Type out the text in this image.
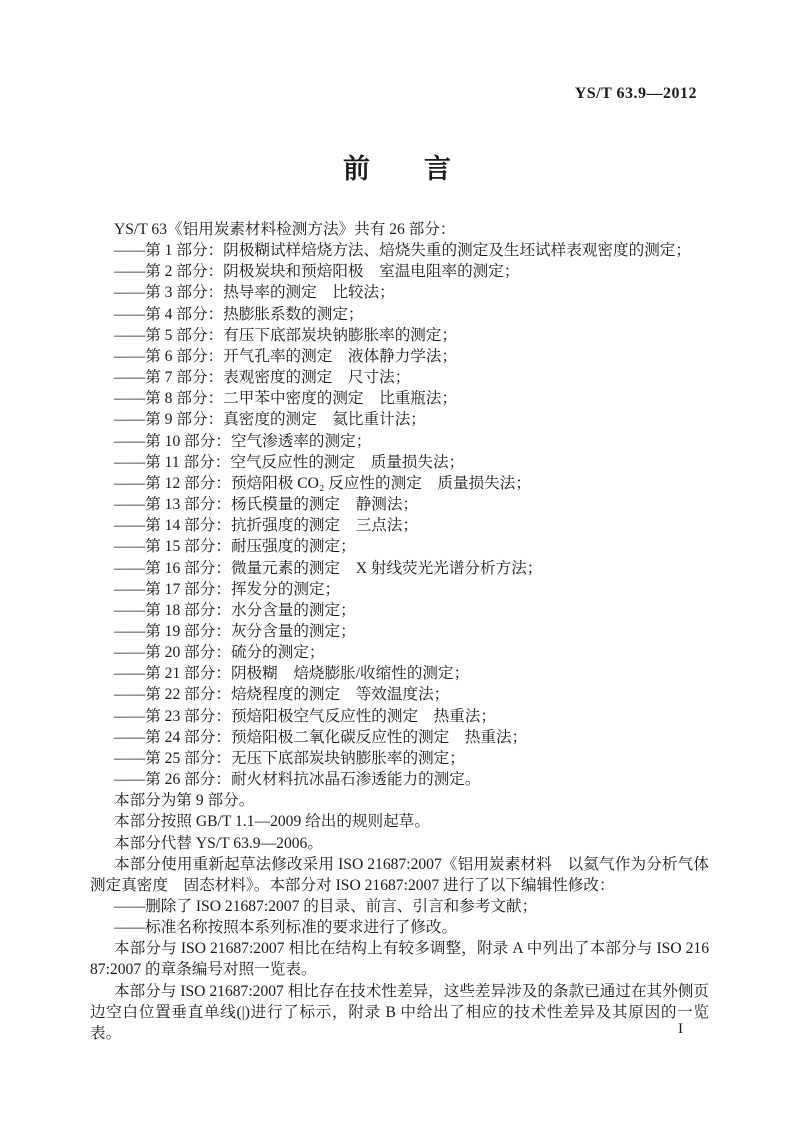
YS/T 63.9—2012
前　　言

YS/T 63《铝用炭素材料检测方法》共有 26 部分：

——第 1 部分：阴极糊试样焙烧方法、焙烧失重的测定及生坯试样表观密度的测定；

——第 2 部分：阴极炭块和预焙阳极　室温电阻率的测定；

——第 3 部分：热导率的测定　比较法；

——第 4 部分：热膨胀系数的测定；

——第 5 部分：有压下底部炭块钠膨胀率的测定；

——第 6 部分：开气孔率的测定　液体静力学法；

——第 7 部分：表观密度的测定　尺寸法；

——第 8 部分：二甲苯中密度的测定　比重瓶法；

——第 9 部分：真密度的测定　氦比重计法；

——第 10 部分：空气渗透率的测定；

——第 11 部分：空气反应性的测定　质量损失法；

——第 12 部分：预焙阳极 CO₂ 反应性的测定　质量损失法；

——第 13 部分：杨氏模量的测定　静测法；

——第 14 部分：抗折强度的测定　三点法；

——第 15 部分：耐压强度的测定；

——第 16 部分：微量元素的测定　X 射线荧光光谱分析方法；

——第 17 部分：挥发分的测定；

——第 18 部分：水分含量的测定；

——第 19 部分：灰分含量的测定；

——第 20 部分：硫分的测定；

——第 21 部分：阴极糊　焙烧膨胀/收缩性的测定；

——第 22 部分：焙烧程度的测定　等效温度法；

——第 23 部分：预焙阳极空气反应性的测定　热重法；

——第 24 部分：预焙阳极二氧化碳反应性的测定　热重法；

——第 25 部分：无压下底部炭块钠膨胀率的测定；

——第 26 部分：耐火材料抗冰晶石渗透能力的测定。

本部分为第 9 部分。

本部分按照 GB/T 1.1—2009 给出的规则起草。

本部分代替 YS/T 63.9—2006。

本部分使用重新起草法修改采用 ISO 21687:2007《铝用炭素材料　以氦气作为分析气体测定真密度　固态材料》。本部分对 ISO 21687:2007 进行了以下编辑性修改：

——删除了 ISO 21687:2007 的目录、前言、引言和参考文献；

——标准名称按照本系列标准的要求进行了修改。

本部分与 ISO 21687:2007 相比在结构上有较多调整，附录 A 中列出了本部分与 ISO 21687:2007 的章条编号对照一览表。

本部分与 ISO 21687:2007 相比存在技术性差异，这些差异涉及的条款已通过在其外侧页边空白位置垂直单线(|)进行了标示，附录 B 中给出了相应的技术性差异及其原因的一览表。	I
